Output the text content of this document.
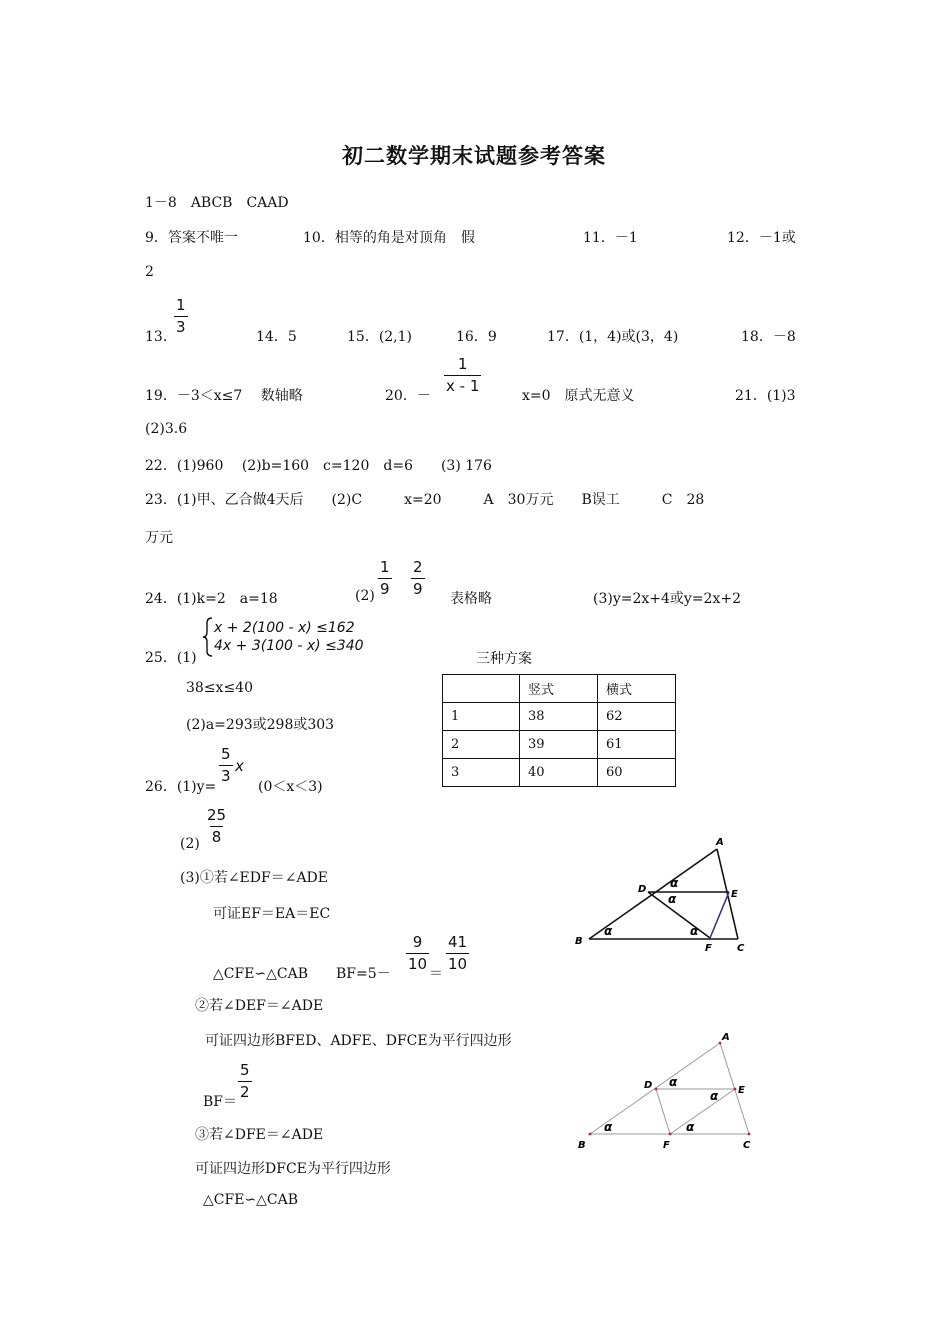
初二数学期末试题参考答案
1－8　ABCB　CAAD
9．答案不唯一	10．相等的角是对顶角　假	11．－1	12．－1或
2
13．
$\frac{1}{3}$
14．5	15．(2,1)	16．9	17．(1，4)或(3，4)	18．－8
19．－3＜x≤7　 数轴略	20．－
$\frac{1}{x - 1}$
x=0　原式无意义	21．(1)3
(2)3.6
22．(1)960　 (2)b=160　c=120　d=6　　(3) 176
23．(1)甲、乙合做4天后　　(2)C　　　x=20　　　A　30万元　　B误工　　　C　28
万元
24．(1)k=2　a=18	$(2) \frac{1}{9} \frac{2}{9}$
表格略	(3)y=2x+4或y=2x+2
25．(1)
x + 2(100 - x) ≤162
4x + 3(100 - x) ≤340
38≤x≤40
(2)a=293或298或303
三种方案
	竖式	横式
1	38	62
2	39	61
3	40	60
26．(1)y=
$\frac{5}{3}$ x
(0＜x＜3)
$(2) \frac{25}{8}$
(3)①若∠EDF＝∠ADE
可证EF＝EA＝EC
△CFE∽△CAB　　BF=5－
$\frac{9}{10}$
＝
$\frac{41}{10}$
②若∠DEF＝∠ADE
可证四边形BFED、ADFE、DFCE为平行四边形
BF＝
$\frac{5}{2}$
③若∠DFE＝∠ADE
可证四边形DFCE为平行四边形
△CFE∽△CAB
A
B
C
D	E
F
α
α
α	α
A
B	C
D	E
F
α
α
α	α
